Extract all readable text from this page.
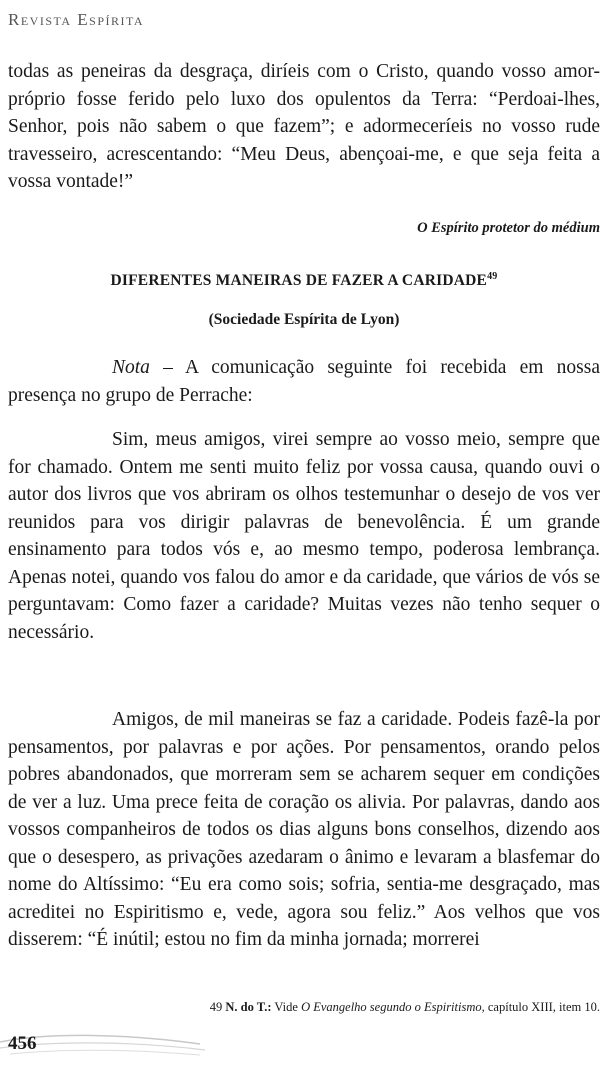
Revista Espírita

todas as peneiras da desgraça, diríeis com o Cristo, quando vosso amor-próprio fosse ferido pelo luxo dos opulentos da Terra: “Perdoai-lhes, Senhor, pois não sabem o que fazem”; e adormeceríeis no vosso rude travesseiro, acrescentando: “Meu Deus, abençoai-me, e que seja feita a vossa vontade!”

O Espírito protetor do médium
DIFERENTES MANEIRAS DE FAZER A CARIDADE$^{49}$
(Sociedade Espírita de Lyon)

Nota – A comunicação seguinte foi recebida em nossa presença no grupo de Perrache:

Sim, meus amigos, virei sempre ao vosso meio, sempre que for chamado. Ontem me senti muito feliz por vossa causa, quando ouvi o autor dos livros que vos abriram os olhos testemunhar o desejo de vos ver reunidos para vos dirigir palavras de benevolência. É um grande ensinamento para todos vós e, ao mesmo tempo, poderosa lembrança. Apenas notei, quando vos falou do amor e da caridade, que vários de vós se perguntavam: Como fazer a caridade? Muitas vezes não tenho sequer o necessário.

Amigos, de mil maneiras se faz a caridade. Podeis fazê-la por pensamentos, por palavras e por ações. Por pensamentos, orando pelos pobres abandonados, que morreram sem se acharem sequer em condições de ver a luz. Uma prece feita de coração os alivia. Por palavras, dando aos vossos companheiros de todos os dias alguns bons conselhos, dizendo aos que o desespero, as privações azedaram o ânimo e levaram a blasfemar do nome do Altíssimo: “Eu era como sois; sofria, sentia-me desgraçado, mas acreditei no Espiritismo e, vede, agora sou feliz.” Aos velhos que vos disserem: “É inútil; estou no fim da minha jornada; morrerei

49 N. do T.: Vide O Evangelho segundo o Espiritismo, capítulo XIII, item 10.
456
